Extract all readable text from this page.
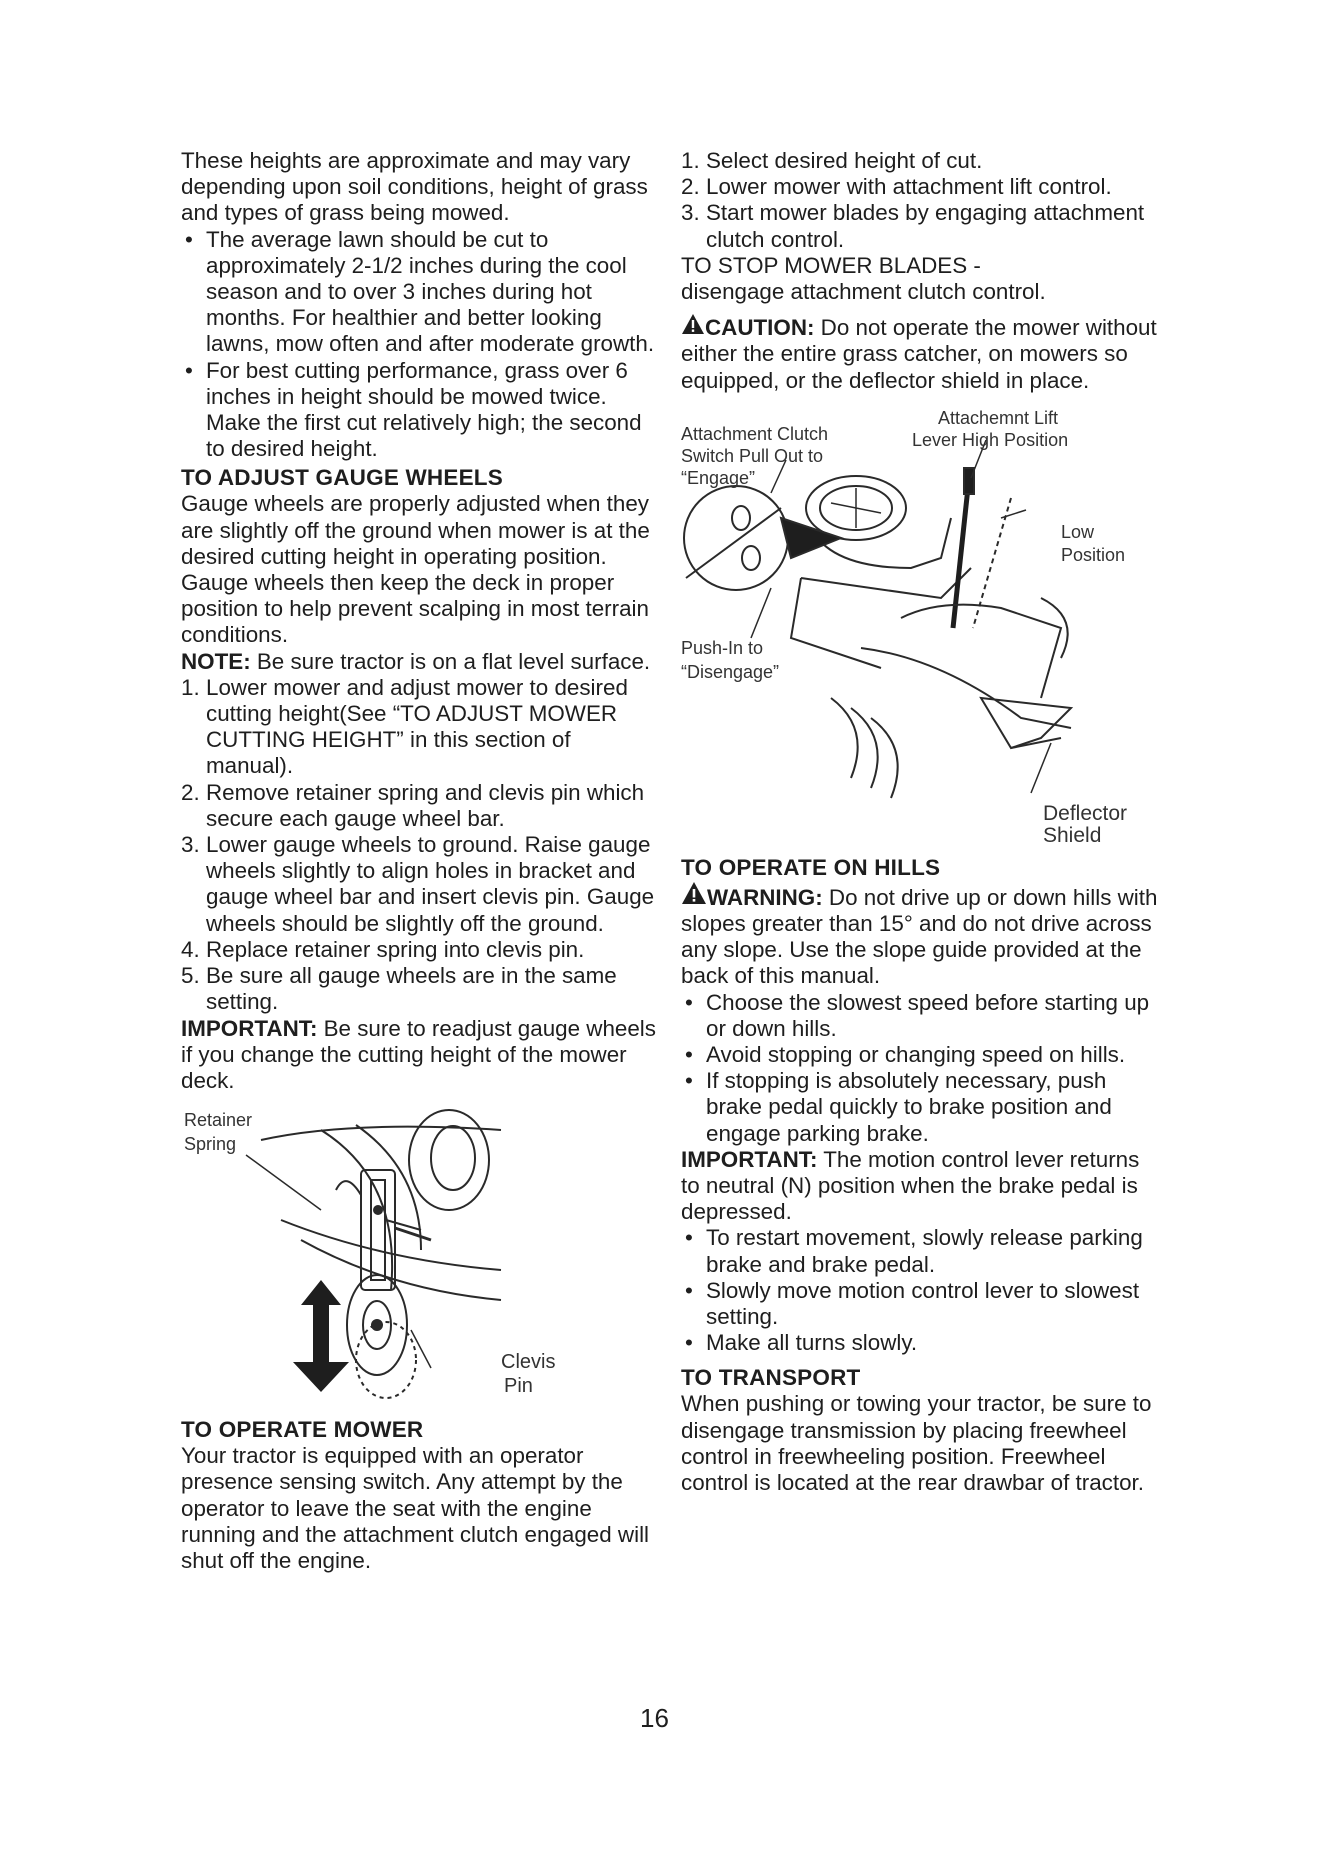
These heights are approximate and may vary depending upon soil conditions, height of grass and types of grass being mowed.

• The average lawn should be cut to approximately 2-1/2 inches during the cool season and to over 3 inches during hot months. For healthier and better looking lawns, mow often and after moderate growth.
• For best cutting performance, grass over 6 inches in height should be mowed twice. Make the first cut relatively high; the second to desired height.
TO ADJUST GAUGE WHEELS

Gauge wheels are properly adjusted when they are slightly off the ground when mower is at the desired cutting height in operating position. Gauge wheels then keep the deck in proper position to help prevent scalping in most terrain conditions.

NOTE: Be sure tractor is on a flat level surface.

1. Lower mower and adjust mower to desired cutting height(See “TO ADJUST MOWER CUTTING HEIGHT” in this section of manual).
2. Remove retainer spring and clevis pin which secure each gauge wheel bar.
3. Lower gauge wheels to ground. Raise gauge wheels slightly to align holes in bracket and gauge wheel bar and insert clevis pin. Gauge wheels should be slightly off the ground.
4. Replace retainer spring into clevis pin.
5. Be sure all gauge wheels are in the same setting.

IMPORTANT: Be sure to readjust gauge wheels if you change the cutting height of the mower deck.

Retainer
Spring
Clevis
Pin
TO OPERATE MOWER

Your tractor is equipped with an operator presence sensing switch. Any attempt by the operator to leave the seat with the engine running and the attachment clutch engaged will shut off the engine.

1. Select desired height of cut.
2. Lower mower with attachment lift control.
3. Start mower blades by engaging attachment clutch control.

TO STOP MOWER BLADES -

disengage attachment clutch control.

CAUTION: Do not operate the mower without either the entire grass catcher, on mowers so equipped, or the deflector shield in place.

Attachment Clutch
Switch Pull Out to
“Engage”
Attachemnt Lift
Lever High Position
Low
Position
Push-In to
“Disengage”
Deflector
Shield
TO OPERATE ON HILLS

WARNING: Do not drive up or down hills with slopes greater than 15° and do not drive across any slope. Use the slope guide provided at the back of this manual.

• Choose the slowest speed before starting up or down hills.
• Avoid stopping or changing speed on hills.
• If stopping is absolutely necessary, push brake pedal quickly to brake position and engage parking brake.

IMPORTANT: The motion control lever returns to neutral (N) position when the brake pedal is depressed.

• To restart movement, slowly release parking brake and brake pedal.
• Slowly move motion control lever to slowest setting.
• Make all turns slowly.
TO TRANSPORT

When pushing or towing your tractor, be sure to disengage transmission by placing freewheel control in freewheeling position. Freewheel control is located at the rear drawbar of tractor.

16
